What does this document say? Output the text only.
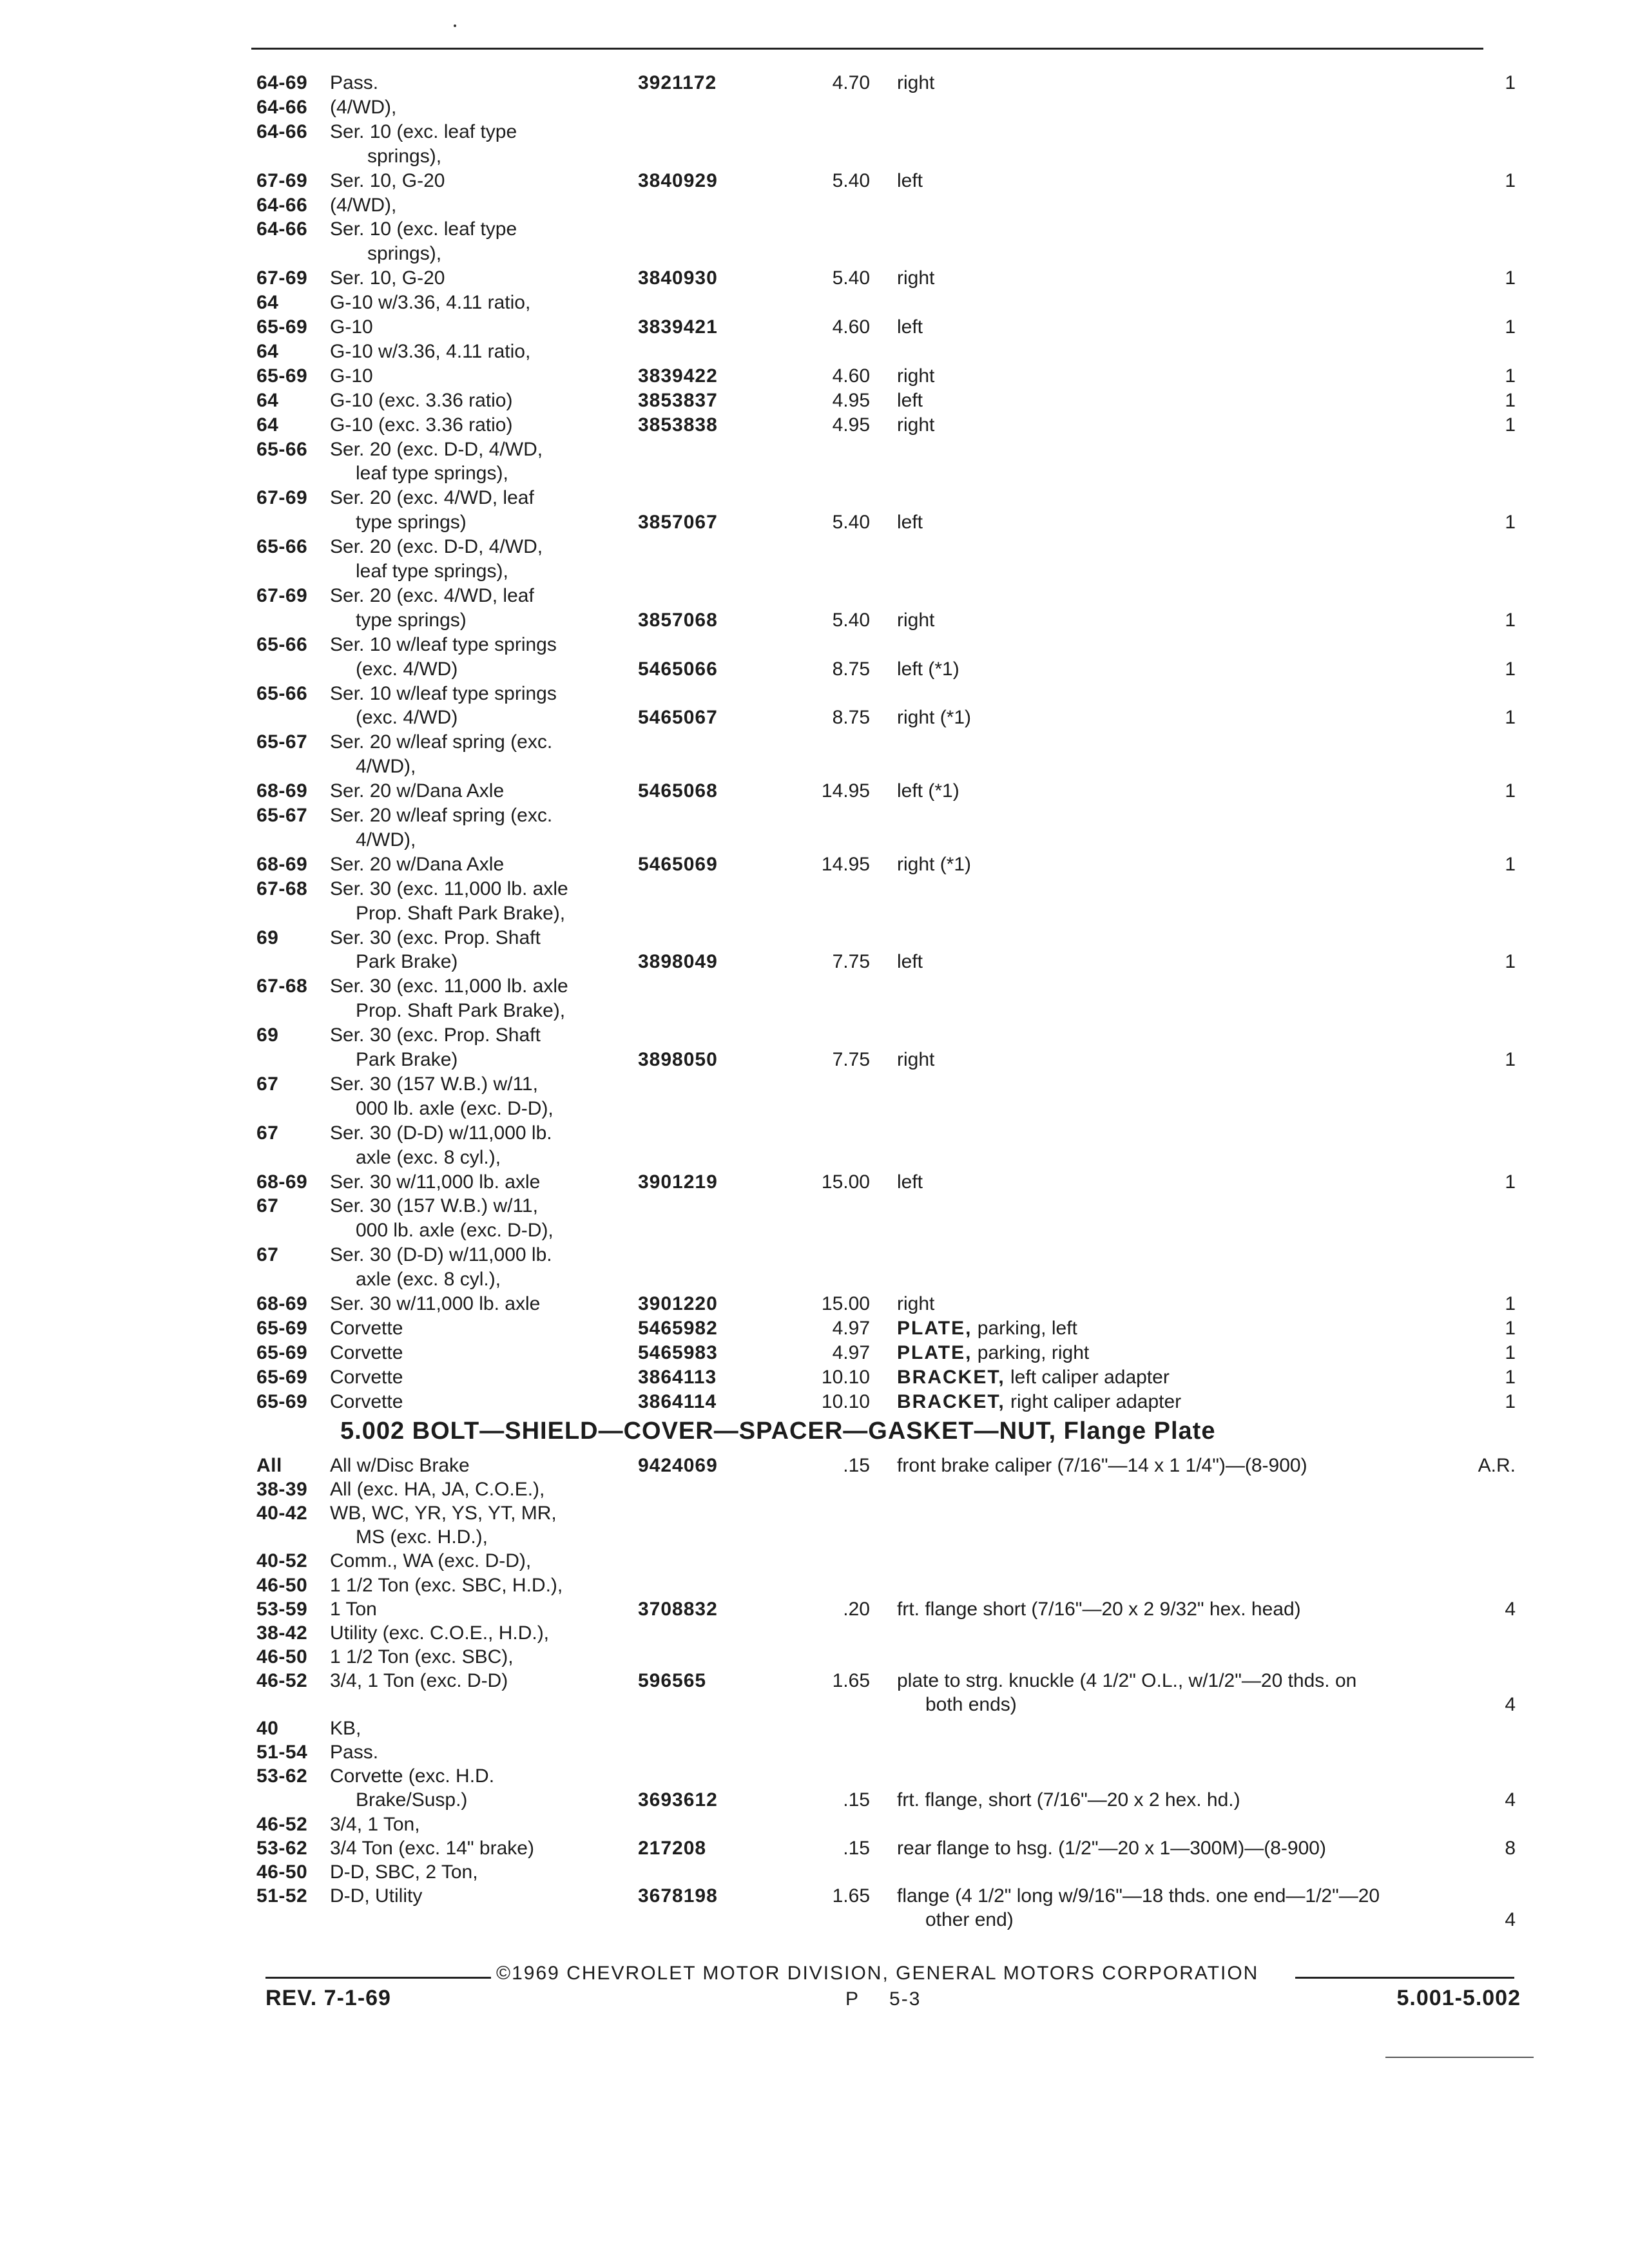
64-69 Pass.	3921172	4.70 right	1
64-66 (4/WD),
64-66 Ser. 10 (exc. leaf type
springs),
67-69 Ser. 10, G-20	3840929	5.40 left	1
64-66 (4/WD),
64-66 Ser. 10 (exc. leaf type
springs),
67-69 Ser. 10, G-20	3840930	5.40 right	1
64	G-10 w/3.36, 4.11 ratio,
65-69 G-10	3839421	4.60 left	1
64	G-10 w/3.36, 4.11 ratio,
65-69 G-10	3839422	4.60 right	1
64	G-10 (exc. 3.36 ratio)	3853837	4.95 left	1
64	G-10 (exc. 3.36 ratio)	3853838	4.95 right	1
65-66 Ser. 20 (exc. D-D, 4/WD,
leaf type springs),
67-69 Ser. 20 (exc. 4/WD, leaf
type springs)	3857067	5.40 left	1
65-66 Ser. 20 (exc. D-D, 4/WD,
leaf type springs),
67-69 Ser. 20 (exc. 4/WD, leaf
type springs)	3857068	5.40 right	1
65-66 Ser. 10 w/leaf type springs
(exc. 4/WD)	5465066	8.75 left (*1)	1
65-66 Ser. 10 w/leaf type springs
(exc. 4/WD)	5465067	8.75 right (*1)	1
65-67 Ser. 20 w/leaf spring (exc.
4/WD),
68-69 Ser. 20 w/Dana Axle	5465068	14.95 left (*1)	1
65-67 Ser. 20 w/leaf spring (exc.
4/WD),
68-69 Ser. 20 w/Dana Axle	5465069	14.95 right (*1)	1
67-68 Ser. 30 (exc. 11,000 lb. axle
Prop. Shaft Park Brake),
69	Ser. 30 (exc. Prop. Shaft
Park Brake)	3898049	7.75 left	1
67-68 Ser. 30 (exc. 11,000 lb. axle
Prop. Shaft Park Brake),
69	Ser. 30 (exc. Prop. Shaft
Park Brake)	3898050	7.75 right	1
67	Ser. 30 (157 W.B.) w/11,
000 lb. axle (exc. D-D),
67	Ser. 30 (D-D) w/11,000 lb.
axle (exc. 8 cyl.),
68-69 Ser. 30 w/11,000 lb. axle	3901219	15.00 left	1
67	Ser. 30 (157 W.B.) w/11,
000 lb. axle (exc. D-D),
67	Ser. 30 (D-D) w/11,000 lb.
axle (exc. 8 cyl.),
68-69 Ser. 30 w/11,000 lb. axle	3901220	15.00 right	1
65-69 Corvette	5465982	4.97 PLATE, parking, left	1
65-69 Corvette	5465983	4.97 PLATE, parking, right	1
65-69 Corvette	3864113	10.10 BRACKET, left caliper adapter	1
65-69 Corvette	3864114	10.10 BRACKET, right caliper adapter	1
5.002 BOLT—SHIELD—COVER—SPACER—GASKET—NUT, Flange Plate
All All w/Disc Brake	9424069	.15 front brake caliper (7/16"—14 x 1 1/4")—(8-900)	A.R.
38-39 All (exc. HA, JA, C.O.E.),
40-42 WB, WC, YR, YS, YT, MR,
MS (exc. H.D.),
40-52 Comm., WA (exc. D-D),
46-50 1 1/2 Ton (exc. SBC, H.D.),
53-59 1 Ton	3708832	.20 frt. flange short (7/16"—20 x 2 9/32" hex. head)	4
38-42 Utility (exc. C.O.E., H.D.),
46-50 1 1/2 Ton (exc. SBC),
46-52 3/4, 1 Ton (exc. D-D)	596565	1.65 plate to strg. knuckle (4 1/2" O.L., w/1/2"—20 thds. on
both ends)	4
40	KB,
51-54 Pass.
53-62 Corvette (exc. H.D.
Brake/Susp.)	3693612	.15 frt. flange, short (7/16"—20 x 2 hex. hd.)	4
46-52 3/4, 1 Ton,
53-62 3/4 Ton (exc. 14" brake)	217208	.15 rear flange to hsg. (1/2"—20 x 1—300M)—(8-900)	8
46-50 D-D, SBC, 2 Ton,
51-52 D-D, Utility	3678198	1.65 flange (4 1/2" long w/9/16"—18 thds. one end—1/2"—20
other end)	4
©1969 CHEVROLET MOTOR DIVISION, GENERAL MOTORS CORPORATION
REV. 7-1-69	P 5-3	5.001-5.002
